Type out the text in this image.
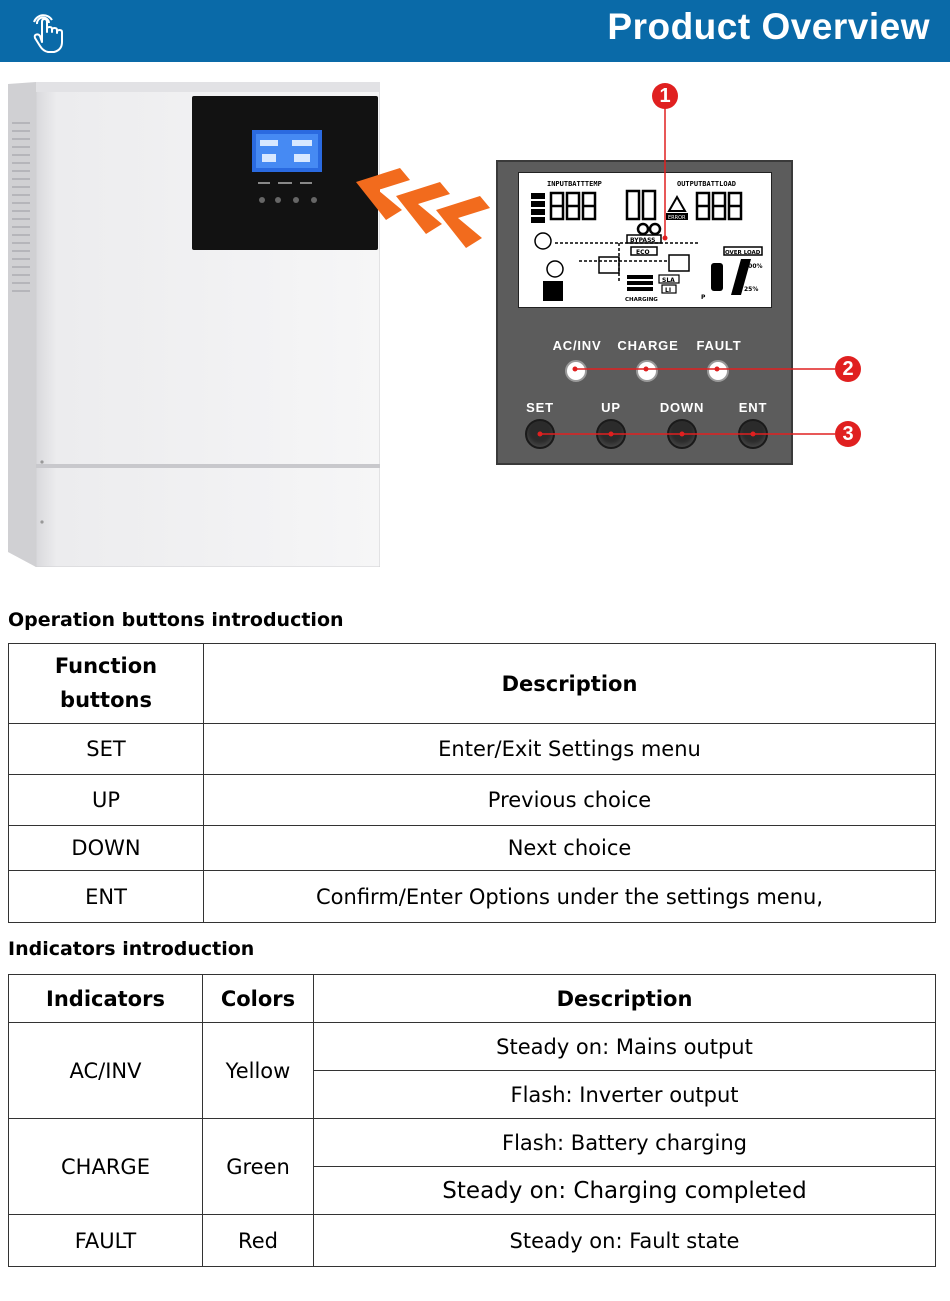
Product Overview
INPUTBATTTEMP	OUTPUTBATTLOAD
ERROR
BYPASS
ECO	OVER LOAD
CHARGING
SLA
LI
P
100%
25%
AC/INV	CHARGE	FAULT
SET	UP	DOWN	ENT
1
2
3
Operation buttons introduction
Function buttons	Description
SET	Enter/Exit Settings menu
UP	Previous choice
DOWN	Next choice
ENT	Confirm/Enter Options under the settings menu,
Indicators introduction
Indicators	Colors	Description
AC/INV	Yellow	Steady on: Mains output
		Flash: Inverter output
CHARGE	Green	Flash: Battery charging
		Steady on: Charging completed
FAULT	Red	Steady on: Fault state
